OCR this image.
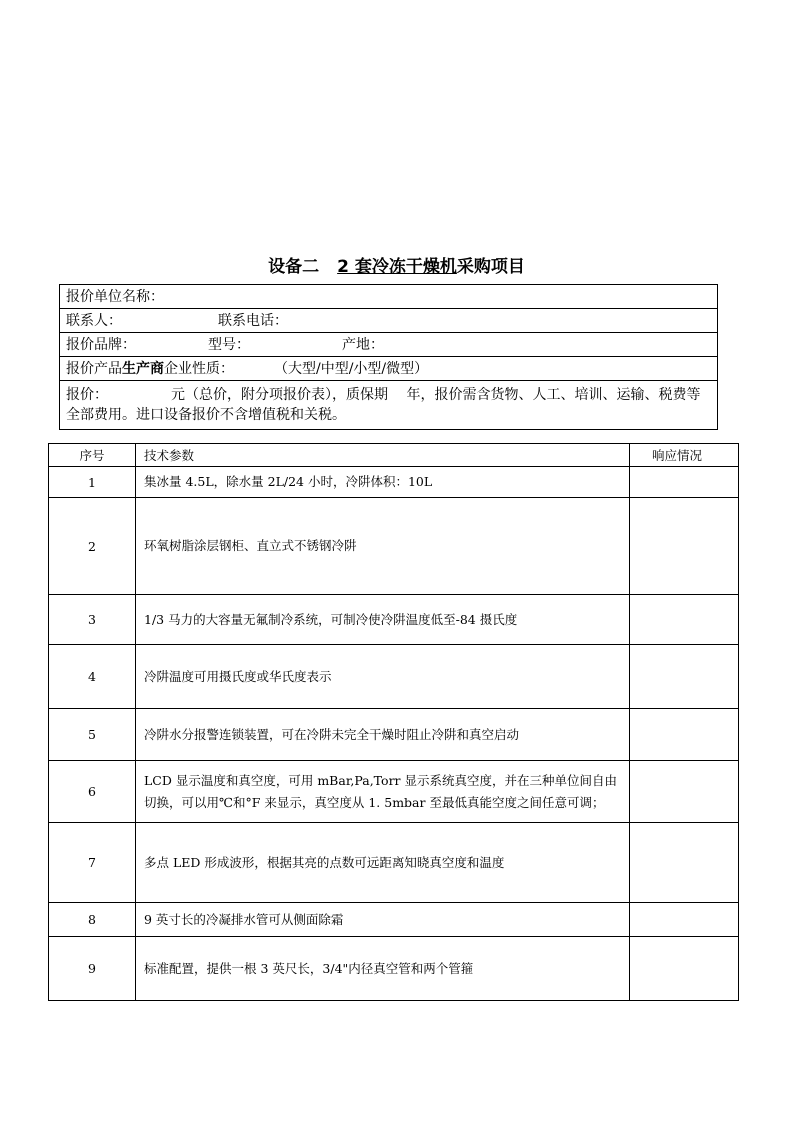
设备二 2 套冷冻干燥机采购项目
报价单位名称：
联系人：	联系电话：
报价品牌：	型号：	产地：
报价产品生产商企业性质：	（大型/中型/小型/微型）
报价：　　　　　元（总价，附分项报价表），质保期　 年，报价需含货物、人工、培训、运输、税费等全部费用。进口设备报价不含增值税和关税。
序号	技术参数	响应情况
1	集冰量 4.5L，除水量 2L/24 小时，冷阱体积：10L	
2	环氧树脂涂层钢柜、直立式不锈钢冷阱	
3	1/3 马力的大容量无氟制冷系统，可制冷使冷阱温度低至-84 摄氏度	
4	冷阱温度可用摄氏度或华氏度表示	
5	冷阱水分报警连锁装置，可在冷阱未完全干燥时阻止冷阱和真空启动	
6	LCD 显示温度和真空度，可用 mBar,Pa,Torr 显示系统真空度，并在三种单位间自由切换，可以用℃和°F 来显示，真空度从 1. 5mbar 至最低真能空度之间任意可调；	
7	多点 LED 形成波形，根据其亮的点数可远距离知晓真空度和温度	
8	9 英寸长的冷凝排水管可从侧面除霜	
9	标准配置，提供一根 3 英尺长，3/4"内径真空管和两个管箍	
